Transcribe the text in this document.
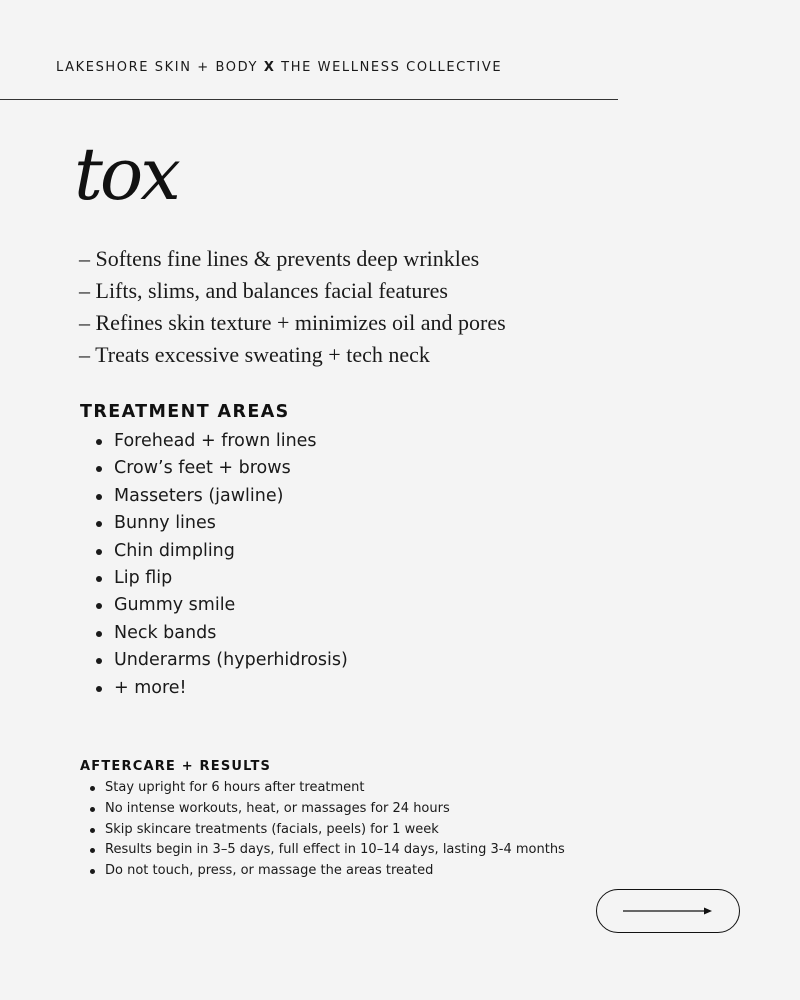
LAKESHORE SKIN + BODY X THE WELLNESS COLLECTIVE
tox
– Softens fine lines & prevents deep wrinkles
– Lifts, slims, and balances facial features
– Refines skin texture + minimizes oil and pores
– Treats excessive sweating + tech neck
TREATMENT AREAS
Forehead + frown lines
Crow’s feet + brows
Masseters (jawline)
Bunny lines
Chin dimpling
Lip flip
Gummy smile
Neck bands
Underarms (hyperhidrosis)
+ more!
AFTERCARE + RESULTS
Stay upright for 6 hours after treatment
No intense workouts, heat, or massages for 24 hours
Skip skincare treatments (facials, peels) for 1 week
Results begin in 3–5 days, full effect in 10–14 days, lasting 3-4 months
Do not touch, press, or massage the areas treated
